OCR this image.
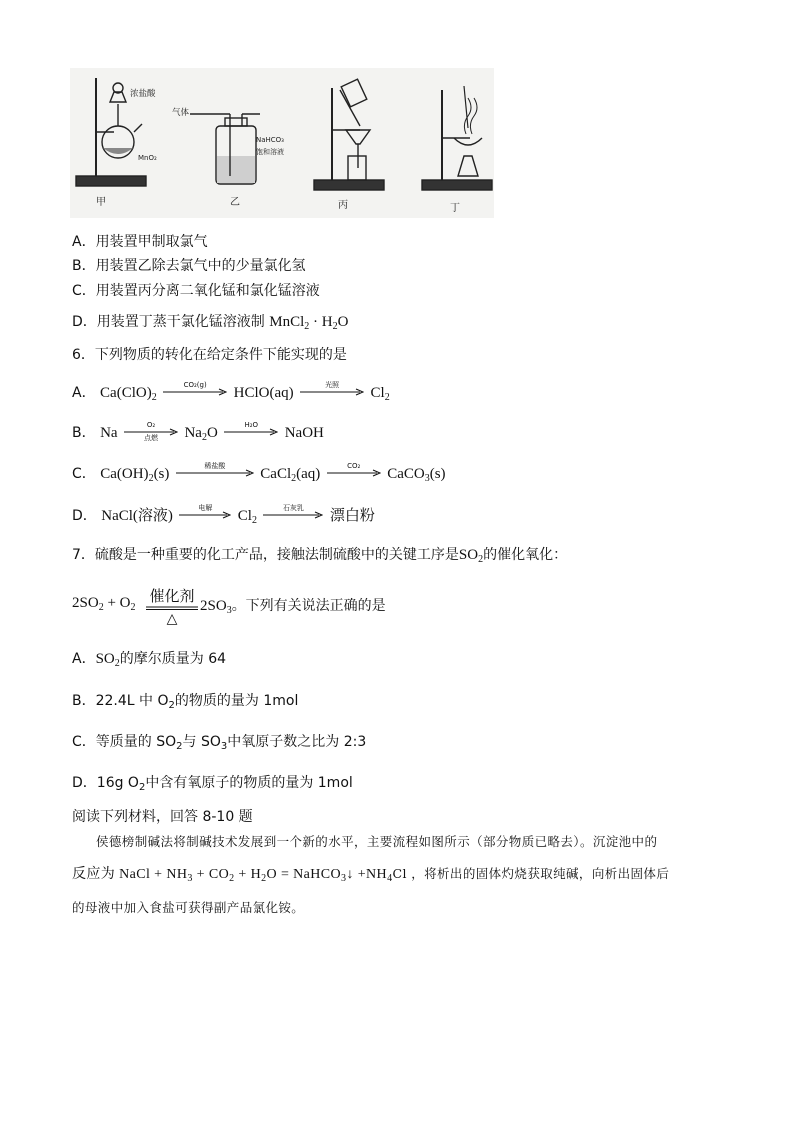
浓盐酸
MnO₂
甲
气体
NaHCO₃
饱和溶液
乙	丙	丁
A．用装置甲制取氯气
B．用装置乙除去氯气中的少量氯化氢
C．用装置丙分离二氧化锰和氯化锰溶液
D．用装置丁蒸干氯化锰溶液制 MnCl$_2$ · $H_2O$
6．下列物质的转化在给定条件下能实现的是
A． $Ca(ClO)_2$
CO₂(g)	HClO(aq)	光照	$Cl_2$
B． Na	O₂
点燃	$Na_2O$	H₂O	NaOH
C． $Ca(OH)_2(s)$	稀盐酸	CaCl$_2$(aq)	CO₂	CaCO$_3$(s)
D． NaCl(溶液)	电解	$Cl_2$
石灰乳	漂白粉
7．硫酸是一种重要的化工产品，接触法制硫酸中的关键工序是$SO_2$的催化氧化：
$2SO_2 + O_2$
催化剂
△
$2SO_3$。下列有关说法正确的是
A．$SO_2$的摩尔质量为 64
B．22.4L 中 $O_2$的物质的量为 1mol
C．等质量的 $SO_2$与 $SO_3$中氧原子数之比为 2:3
D．16g $O_2$中含有氧原子的物质的量为 1mol
阅读下列材料，回答 8-10 题
侯德榜制碱法将制碱技术发展到一个新的水平，主要流程如图所示（部分物质已略去）。沉淀池中的
反应为 NaCl + $NH_3 + CO_2 + H_2O$ = NaHCO$_3$↓ $+NH_4Cl$ ，将析出的固体灼烧获取纯碱，向析出固体后
的母液中加入食盐可获得副产品氯化铵。
